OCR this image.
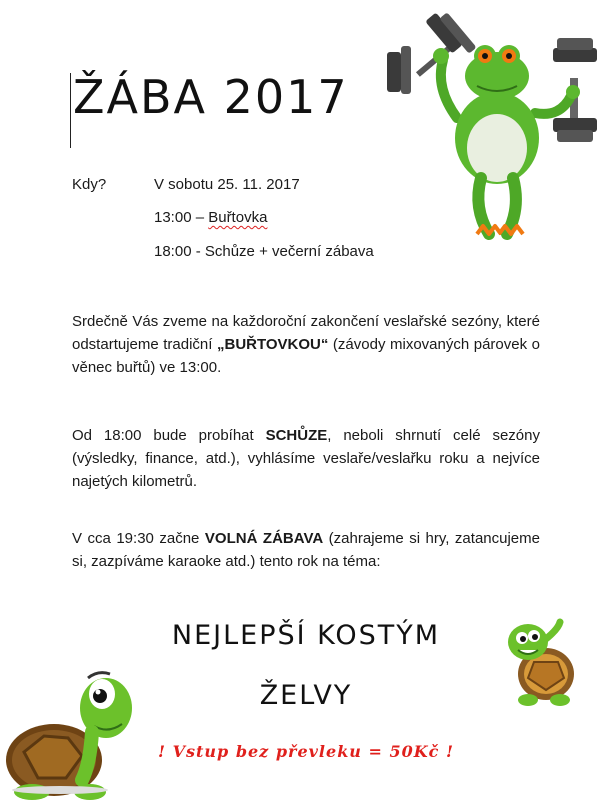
ŽÁBA 2017
Kdy?	V sobotu 25. 11. 2017
13:00 – Buřtovka
18:00 - Schůze + večerní zábava

Srdečně Vás zveme na každoroční zakončení veslařské sezóny, které odstartujeme tradiční „BUŘTOVKOU“ (závody mixovaných párovek o věnec buřtů) ve 13:00.

Od 18:00 bude probíhat SCHŮZE, neboli shrnutí celé sezóny (výsledky, finance, atd.), vyhlásíme veslaře/veslařku roku a nejvíce najetých kilometrů.

V cca 19:30 začne VOLNÁ ZÁBAVA (zahrajeme si hry, zatancujeme si, zazpíváme karaoke atd.) tento rok na téma:

NEJLEPŠÍ KOSTÝM
ŽELVY
! Vstup bez převleku = 50Kč !
